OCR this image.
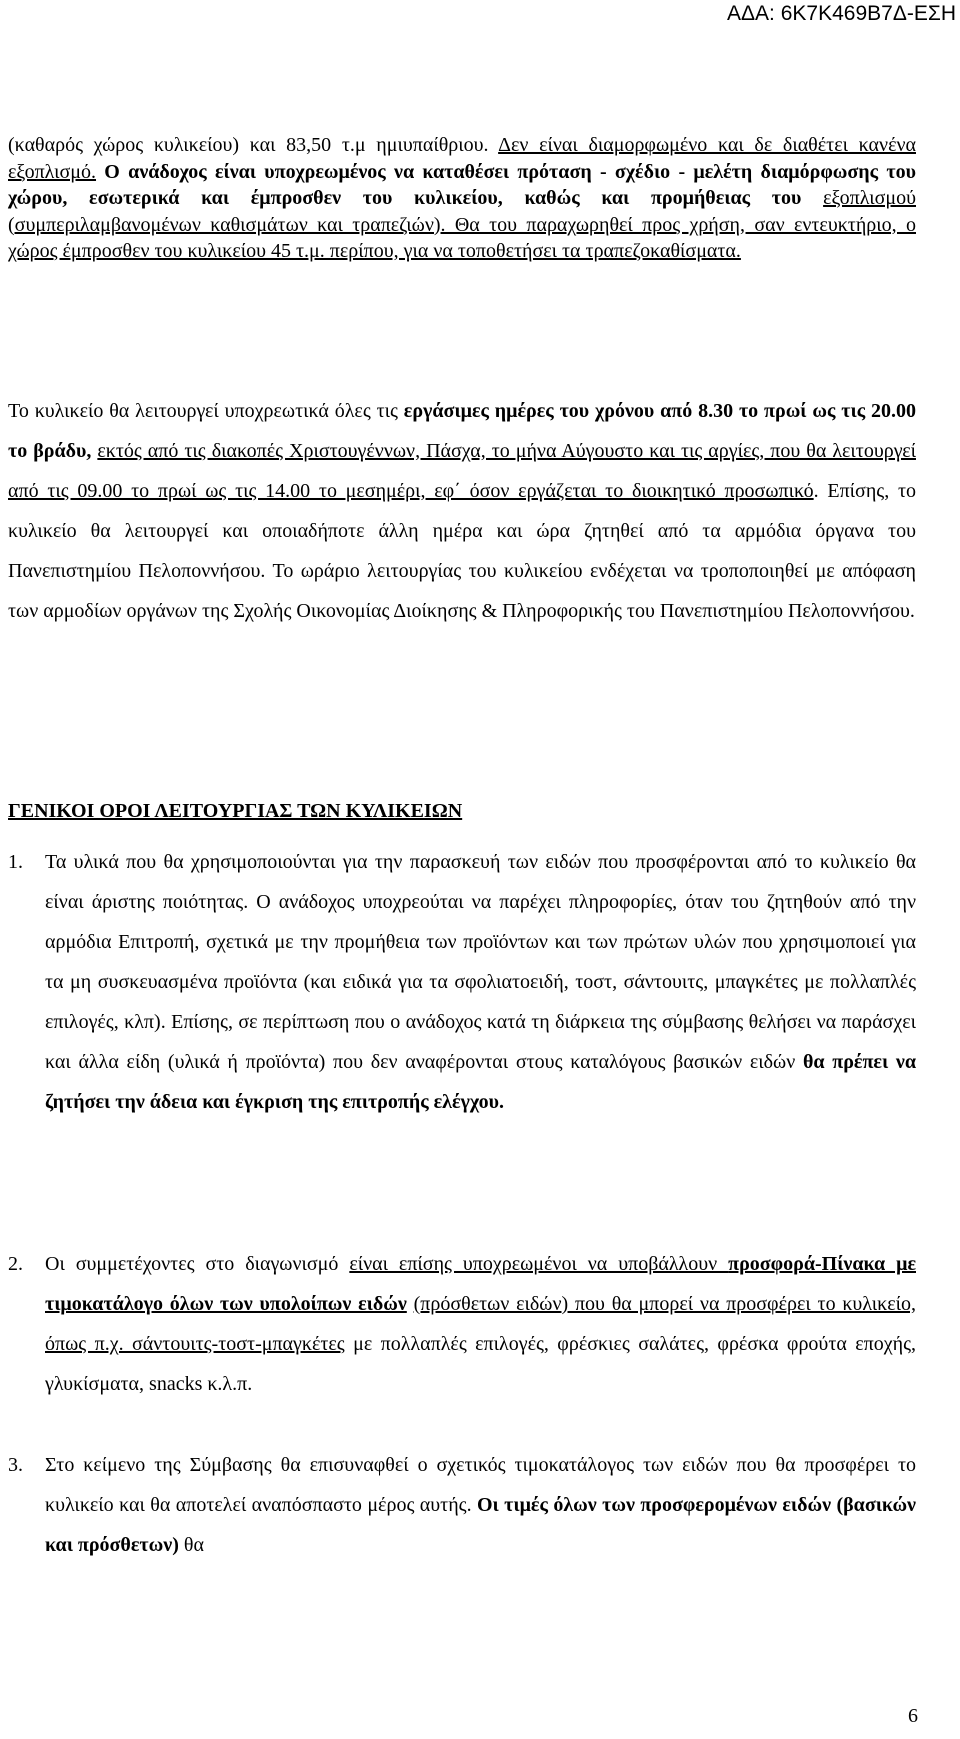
ΑΔΑ: 6Κ7Κ469Β7Δ-ΕΣΗ

(καθαρός χώρος κυλικείου) και 83,50 τ.μ ημιυπαίθριου. Δεν είναι διαμορφωμένο και δε διαθέτει κανένα εξοπλισμό. Ο ανάδοχος είναι υποχρεωμένος να καταθέσει πρόταση - σχέδιο - μελέτη διαμόρφωσης του χώρου, εσωτερικά και έμπροσθεν του κυλικείου, καθώς και προμήθειας του εξοπλισμού (συμπεριλαμβανομένων καθισμάτων και τραπεζιών). Θα του παραχωρηθεί προς χρήση, σαν εντευκτήριο, ο χώρος έμπροσθεν του κυλικείου 45 τ.μ. περίπου, για να τοποθετήσει τα τραπεζοκαθίσματα.

Το κυλικείο θα λειτουργεί υποχρεωτικά όλες τις εργάσιμες ημέρες του χρόνου από 8.30 το πρωί ως τις 20.00 το βράδυ, εκτός από τις διακοπές Χριστουγέννων, Πάσχα, το μήνα Αύγουστο και τις αργίες, που θα λειτουργεί από τις 09.00 το πρωί ως τις 14.00 το μεσημέρι, εφ΄ όσον εργάζεται το διοικητικό προσωπικό. Επίσης, το κυλικείο θα λειτουργεί και οποιαδήποτε άλλη ημέρα και ώρα ζητηθεί από τα αρμόδια όργανα του Πανεπιστημίου Πελοποννήσου. Το ωράριο λειτουργίας του κυλικείου ενδέχεται να τροποποιηθεί με απόφαση των αρμοδίων οργάνων της Σχολής Οικονομίας Διοίκησης & Πληροφορικής του Πανεπιστημίου Πελοποννήσου.

ΓΕΝΙΚΟΙ ΟΡΟΙ ΛΕΙΤΟΥΡΓΙΑΣ ΤΩΝ ΚΥΛΙΚΕΙΩΝ
1. Τα υλικά που θα χρησιμοποιούνται για την παρασκευή των ειδών που προσφέρονται από το κυλικείο θα είναι άριστης ποιότητας. Ο ανάδοχος υποχρεούται να παρέχει πληροφορίες, όταν του ζητηθούν από την αρμόδια Επιτροπή, σχετικά με την προμήθεια των προϊόντων και των πρώτων υλών που χρησιμοποιεί για τα μη συσκευασμένα προϊόντα (και ειδικά για τα σφολιατοειδή, τοστ, σάντουιτς, μπαγκέτες με πολλαπλές επιλογές, κλπ). Επίσης, σε περίπτωση που ο ανάδοχος κατά τη διάρκεια της σύμβασης θελήσει να παράσχει και άλλα είδη (υλικά ή προϊόντα) που δεν αναφέρονται στους καταλόγους βασικών ειδών θα πρέπει να ζητήσει την άδεια και έγκριση της επιτροπής ελέγχου.

2. Οι συμμετέχοντες στο διαγωνισμό είναι επίσης υποχρεωμένοι να υποβάλλουν προσφορά-Πίνακα με τιμοκατάλογο όλων των υπολοίπων ειδών (πρόσθετων ειδών) που θα μπορεί να προσφέρει το κυλικείο, όπως π.χ. σάντουιτς-τοστ-μπαγκέτες με πολλαπλές επιλογές, φρέσκιες σαλάτες, φρέσκα φρούτα εποχής, γλυκίσματα, snacks κ.λ.π.

3. Στο κείμενο της Σύμβασης θα επισυναφθεί ο σχετικός τιμοκατάλογος των ειδών που θα προσφέρει το κυλικείο και θα αποτελεί αναπόσπαστο μέρος αυτής. Οι τιμές όλων των προσφερομένων ειδών (βασικών και πρόσθετων) θα

6
